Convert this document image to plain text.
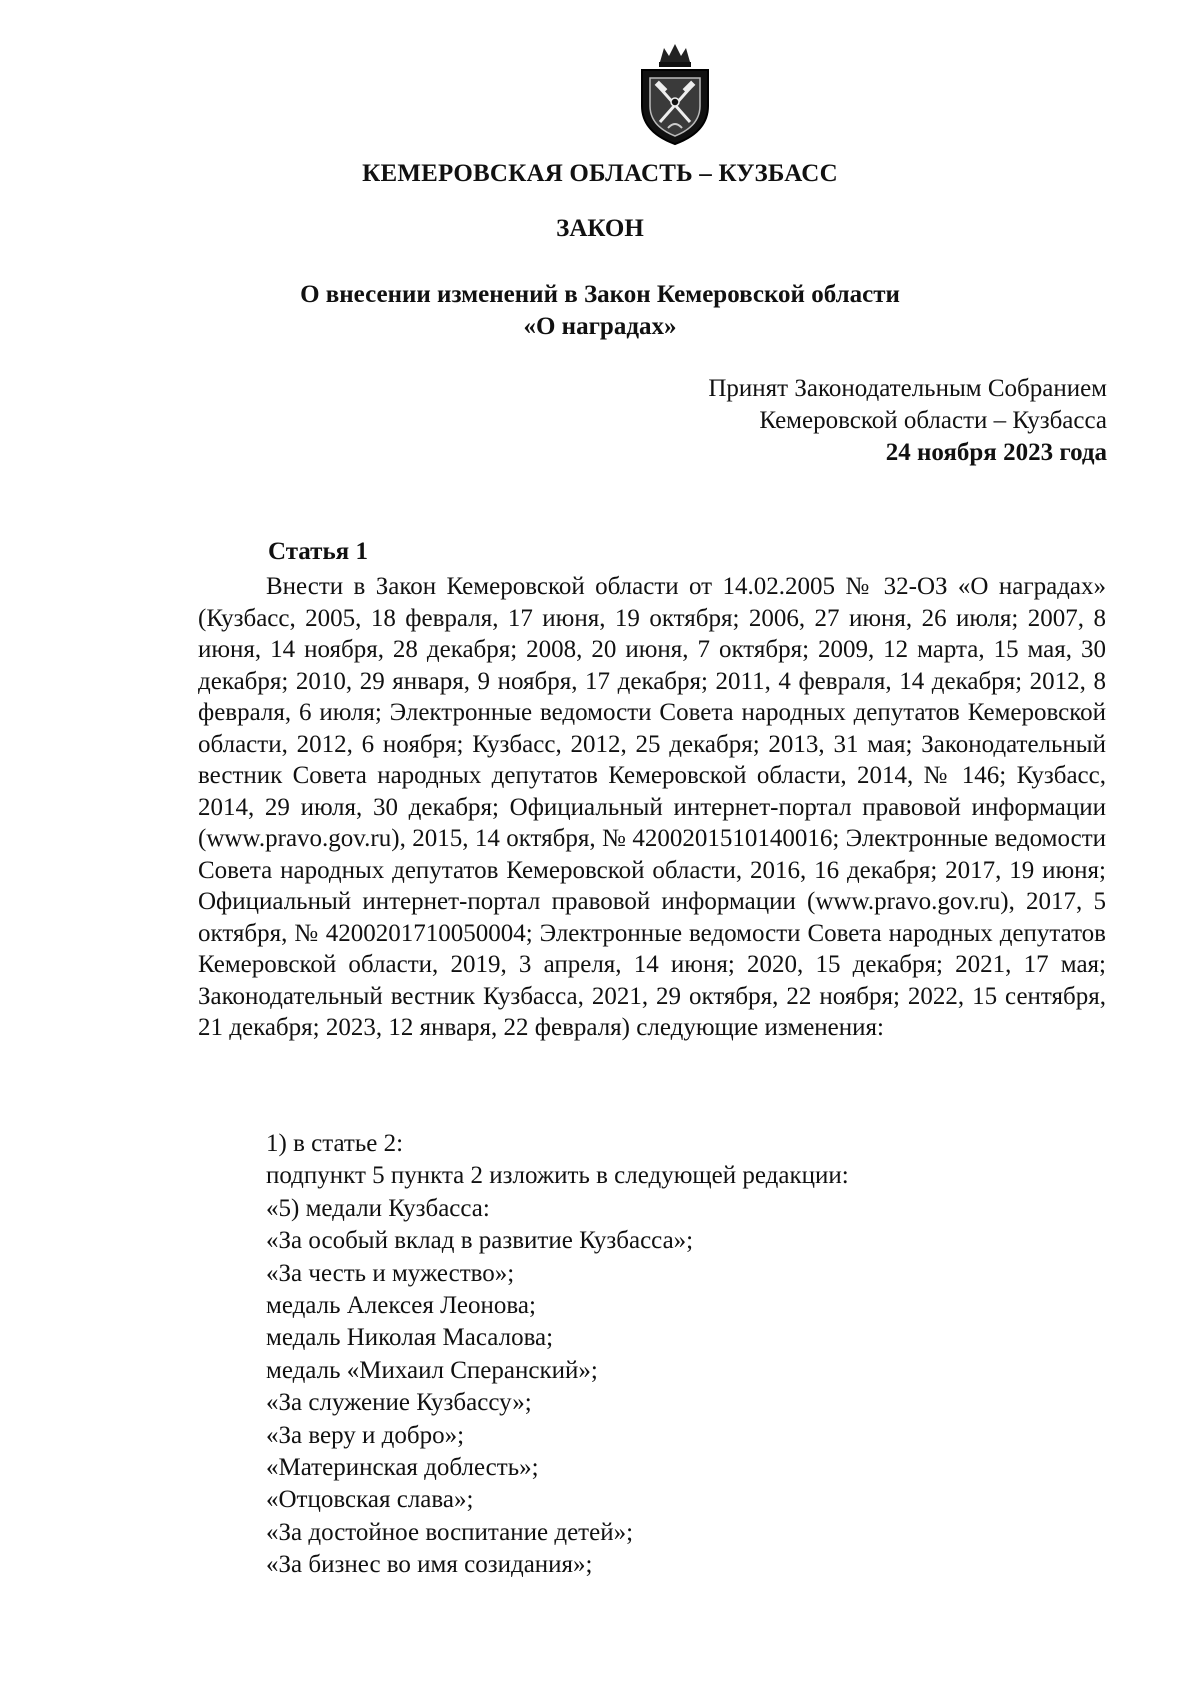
КЕМЕРОВСКАЯ ОБЛАСТЬ – КУЗБАСС
ЗАКОН
О внесении изменений в Закон Кемеровской области
«О наградах»
Принят Законодательным Собранием
Кемеровской области – Кузбасса
24 ноября 2023 года
Статья 1

Внести в Закон Кемеровской области от 14.02.2005 № 32-ОЗ «О наградах» (Кузбасс, 2005, 18 февраля, 17 июня, 19 октября; 2006, 27 июня, 26 июля; 2007, 8 июня, 14 ноября, 28 декабря; 2008, 20 июня, 7 октября; 2009, 12 марта, 15 мая, 30 декабря; 2010, 29 января, 9 ноября, 17 декабря; 2011, 4 февраля, 14 декабря; 2012, 8 февраля, 6 июля; Электронные ведомости Совета народных депутатов Кемеровской области, 2012, 6 ноября; Кузбасс, 2012, 25 декабря; 2013, 31 мая; Законодательный вестник Совета народных депутатов Кемеровской области, 2014, № 146; Кузбасс, 2014, 29 июля, 30 декабря; Официальный интернет-портал правовой информации (www.pravo.gov.ru), 2015, 14 октября, № 4200201510140016; Электронные ведомости Совета народных депутатов Кемеровской области, 2016, 16 декабря; 2017, 19 июня; Официальный интернет-портал правовой информации (www.pravo.gov.ru), 2017, 5 октября, № 4200201710050004; Электронные ведомости Совета народных депутатов Кемеровской области, 2019, 3 апреля, 14 июня; 2020, 15 декабря; 2021, 17 мая; Законодательный вестник Кузбасса, 2021, 29 октября, 22 ноября; 2022, 15 сентября, 21 декабря; 2023, 12 января, 22 февраля) следующие изменения:

1) в статье 2:
подпункт 5 пункта 2 изложить в следующей редакции:
«5) медали Кузбасса:
«За особый вклад в развитие Кузбасса»;
«За честь и мужество»;
медаль Алексея Леонова;
медаль Николая Масалова;
медаль «Михаил Сперанский»;
«За служение Кузбассу»;
«За веру и добро»;
«Материнская доблесть»;
«Отцовская слава»;
«За достойное воспитание детей»;
«За бизнес во имя созидания»;
